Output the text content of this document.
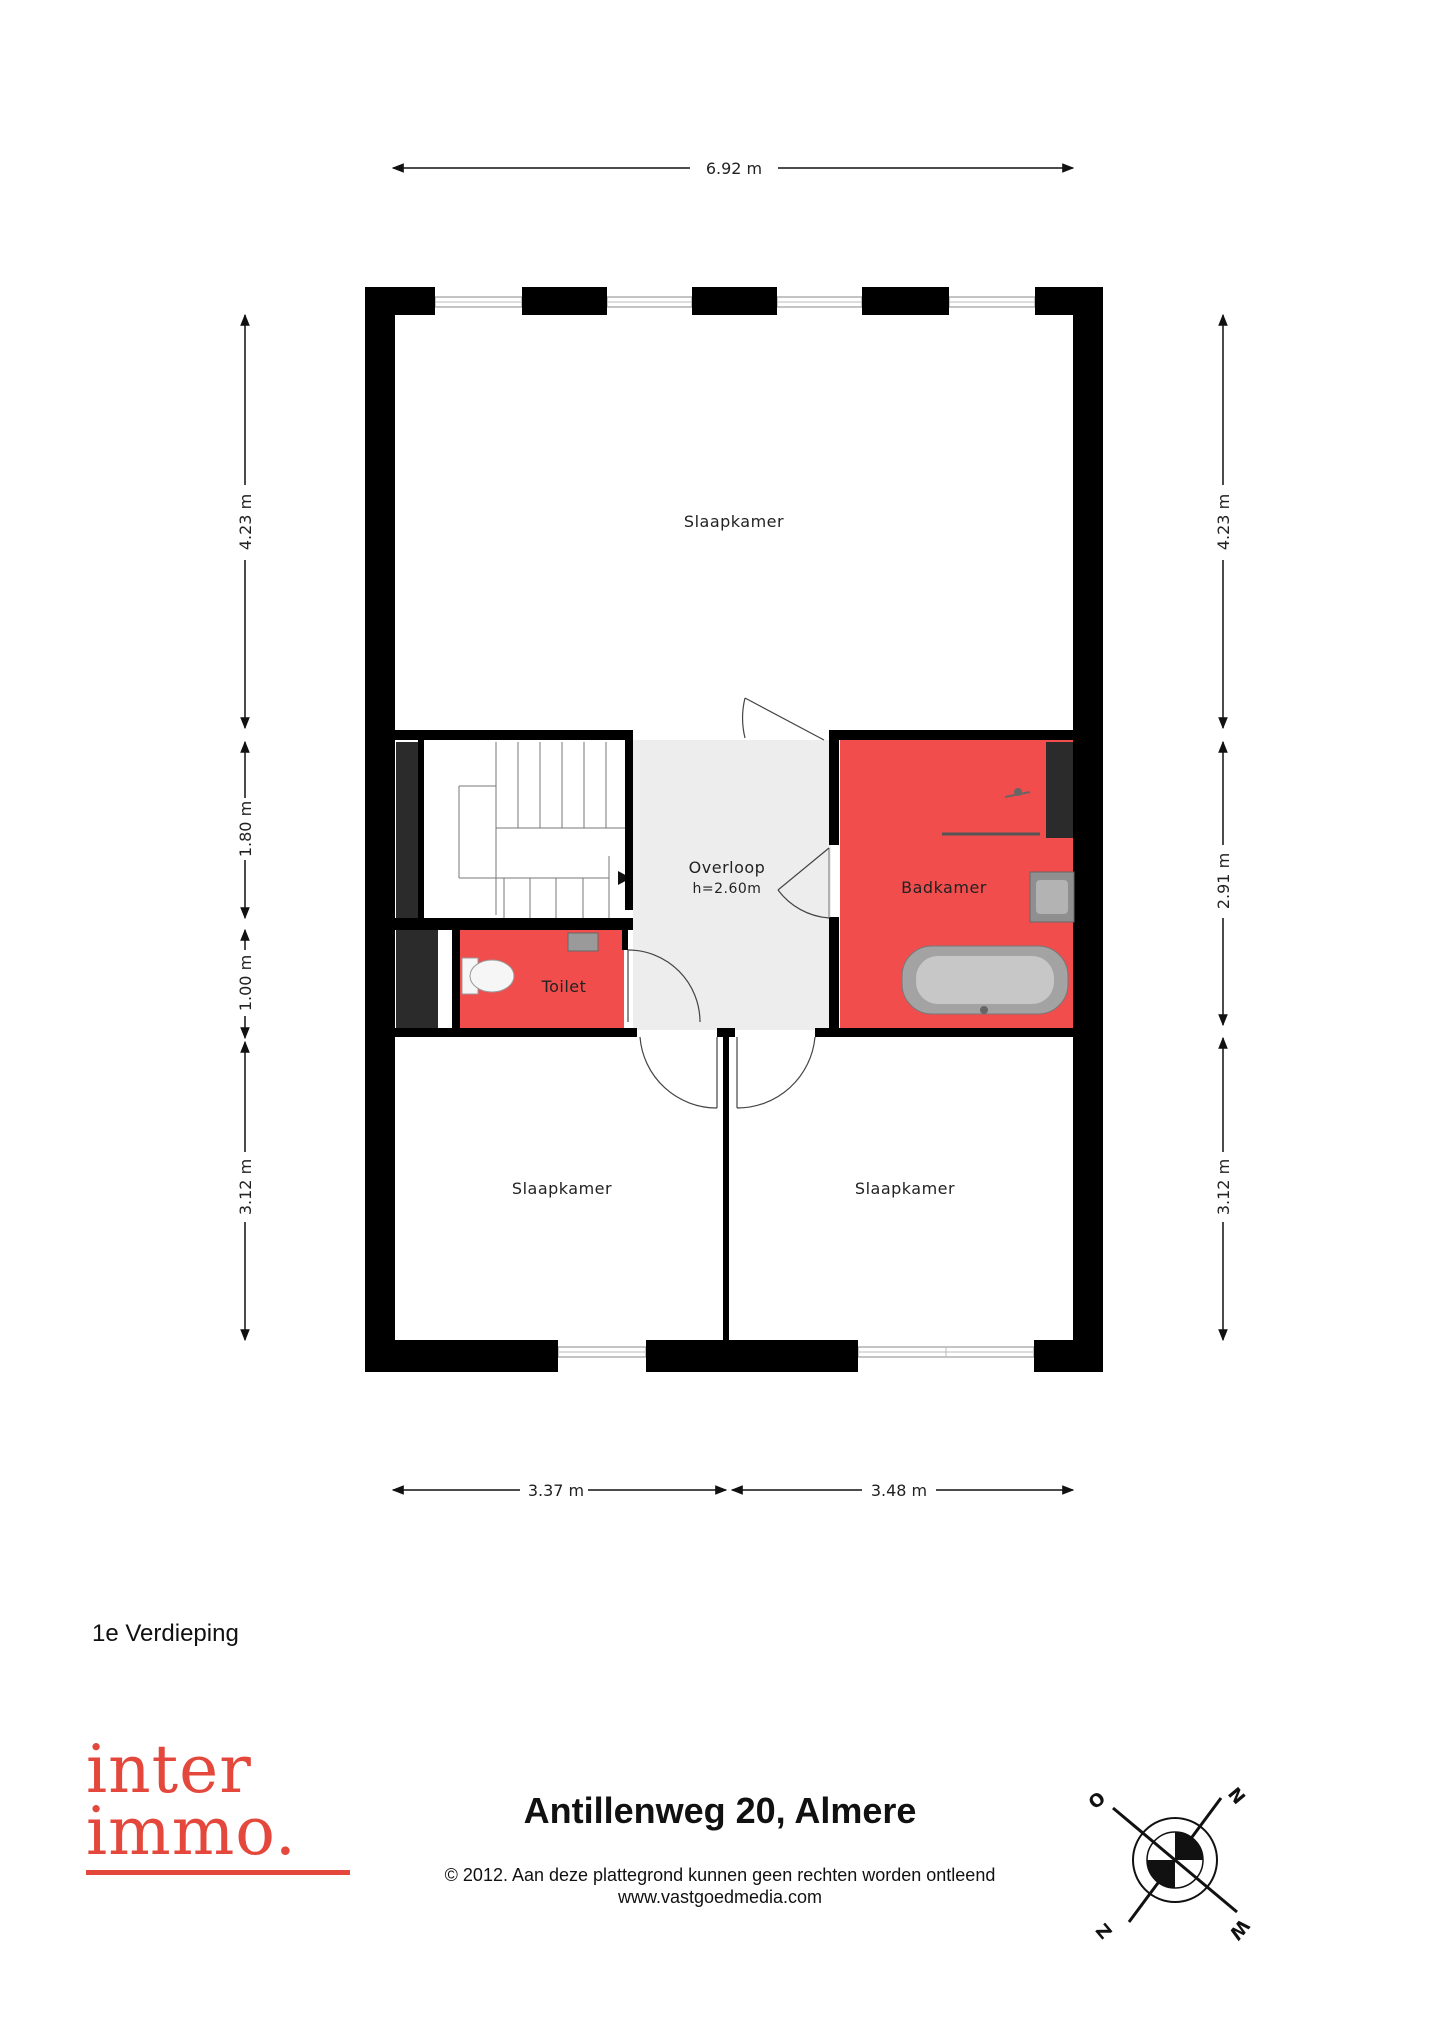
6.92 m
4.23 m
1.80 m
1.00 m
3.12 m
4.23 m
2.91 m
3.12 m
3.37 m	3.48 m
Slaapkamer
Overloop
h=2.60m	Badkamer
Toilet
Slaapkamer	Slaapkamer
1e Verdieping
inter
immo.	Antillenweg 20, Almere
© 2012. Aan deze plattegrond kunnen geen rechten worden ontleend
www.vastgoedmedia.com
N
O
Z	W
